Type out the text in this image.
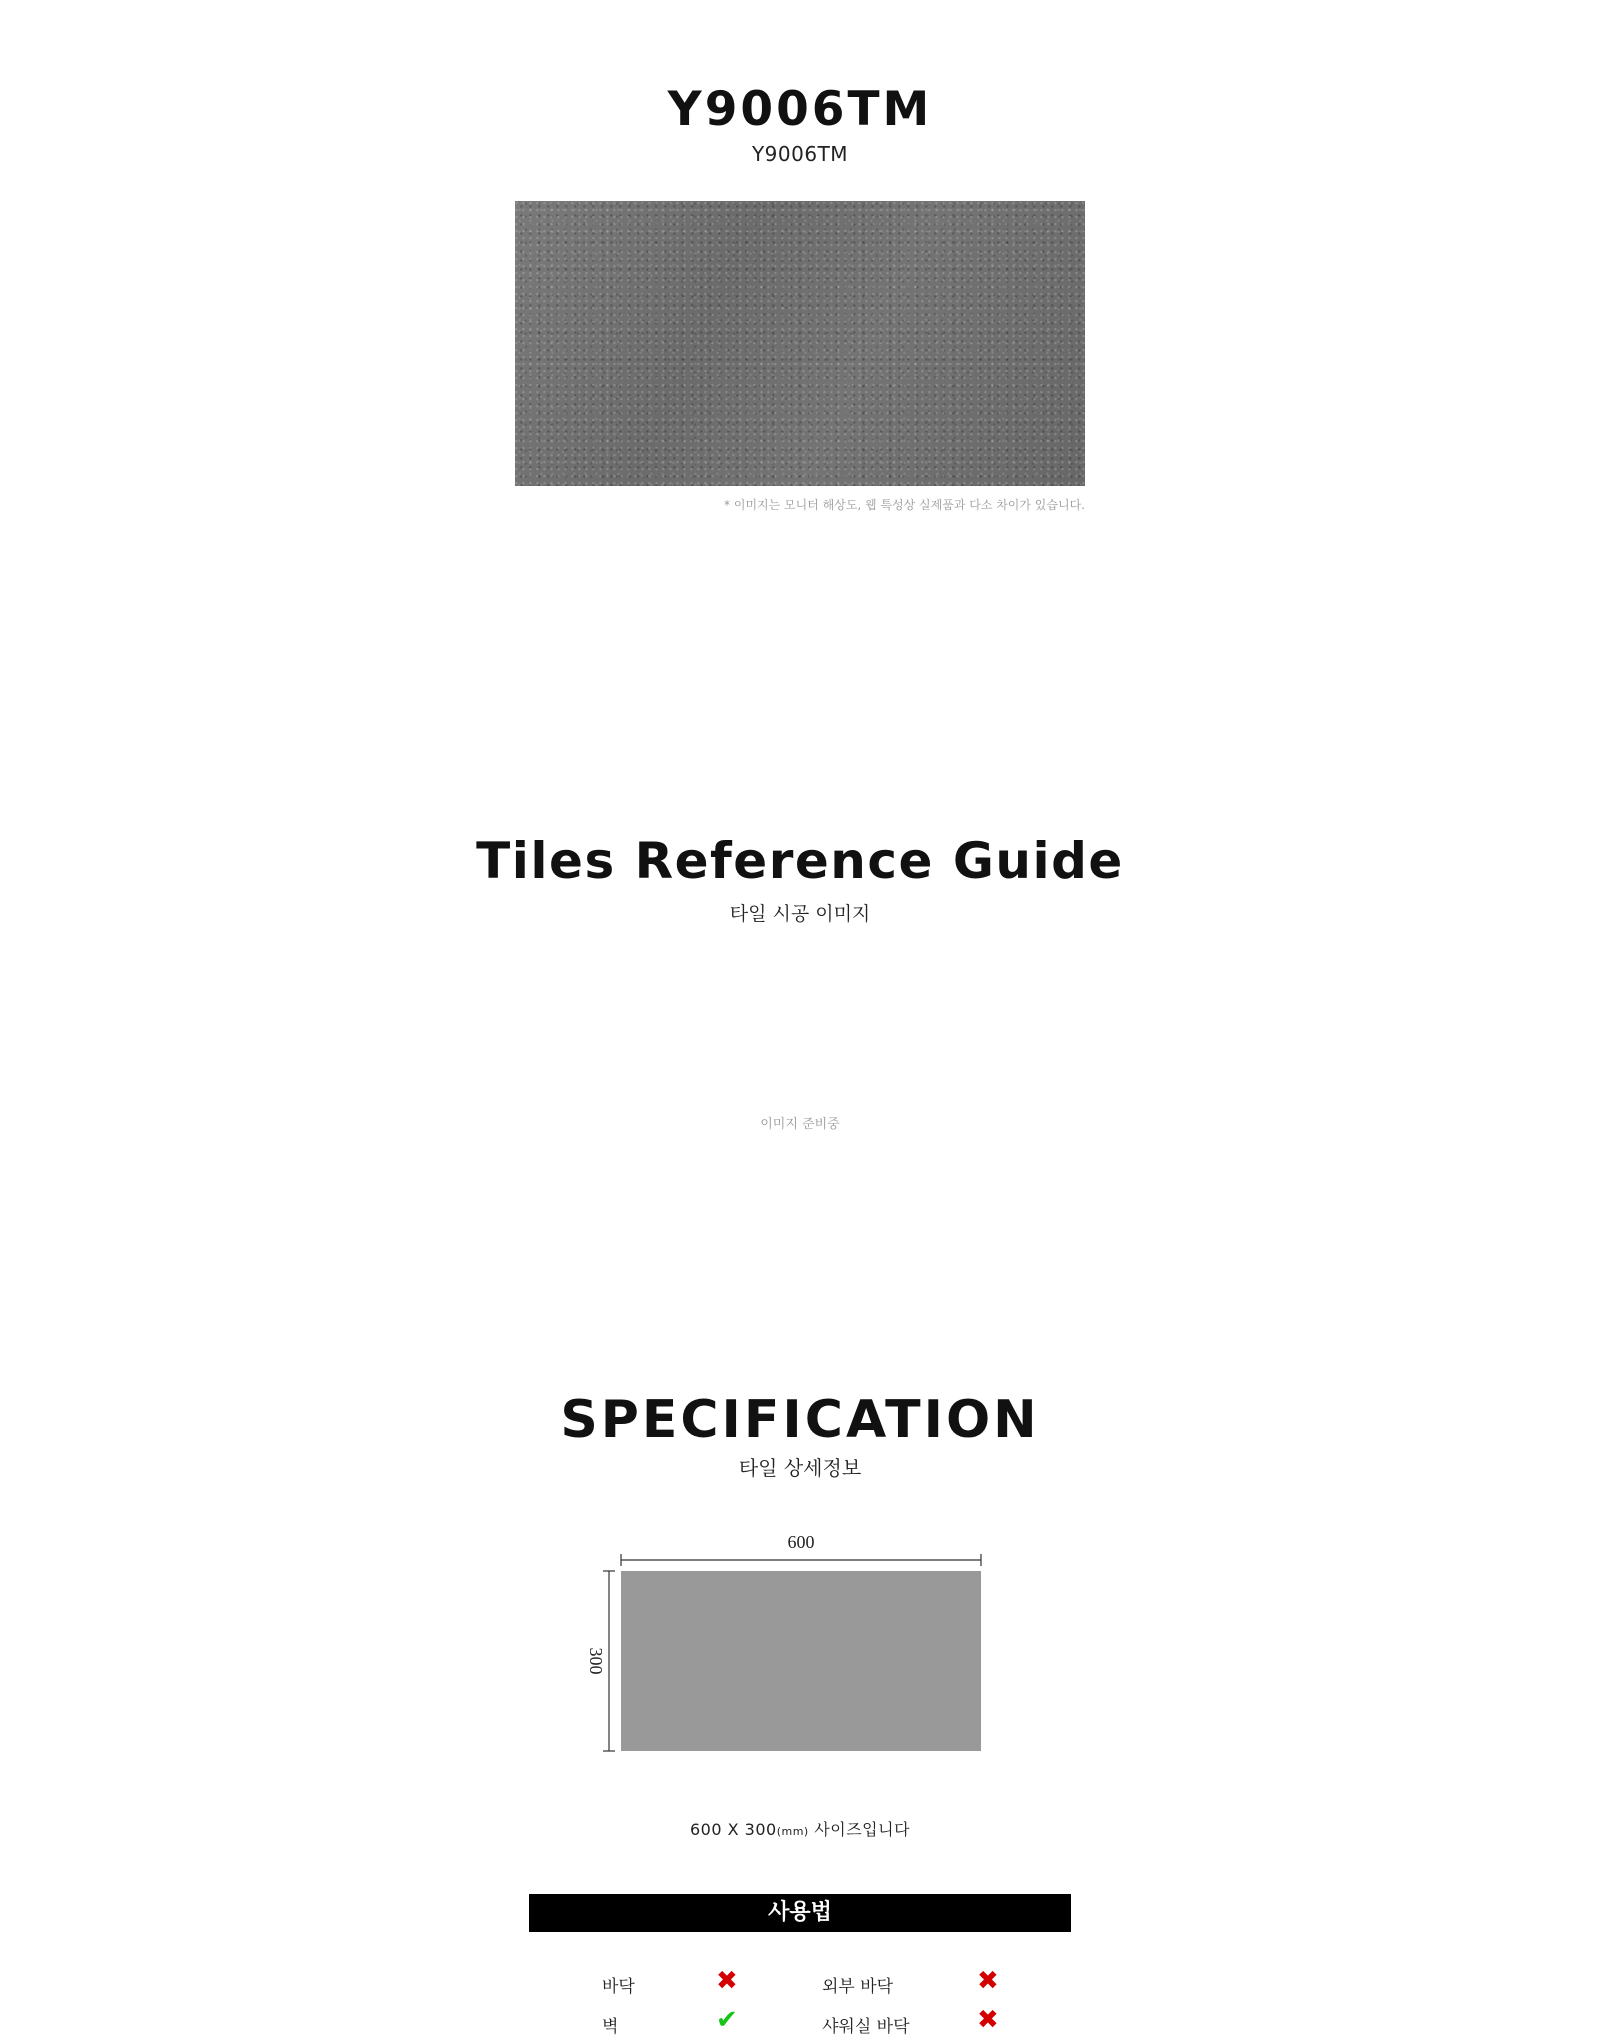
Y9006TM
Y9006TM
* 이미지는 모니터 해상도, 웹 특성상 실제품과 다소 차이가 있습니다.
Tiles Reference Guide
타일 시공 이미지
이미지 준비중
SPECIFICATION
타일 상세정보
600
300
600 X 300(mm) 사이즈입니다
사용법
바닥	✖	외부 바닥	✖
벽	✔	샤워실 바닥	✖
